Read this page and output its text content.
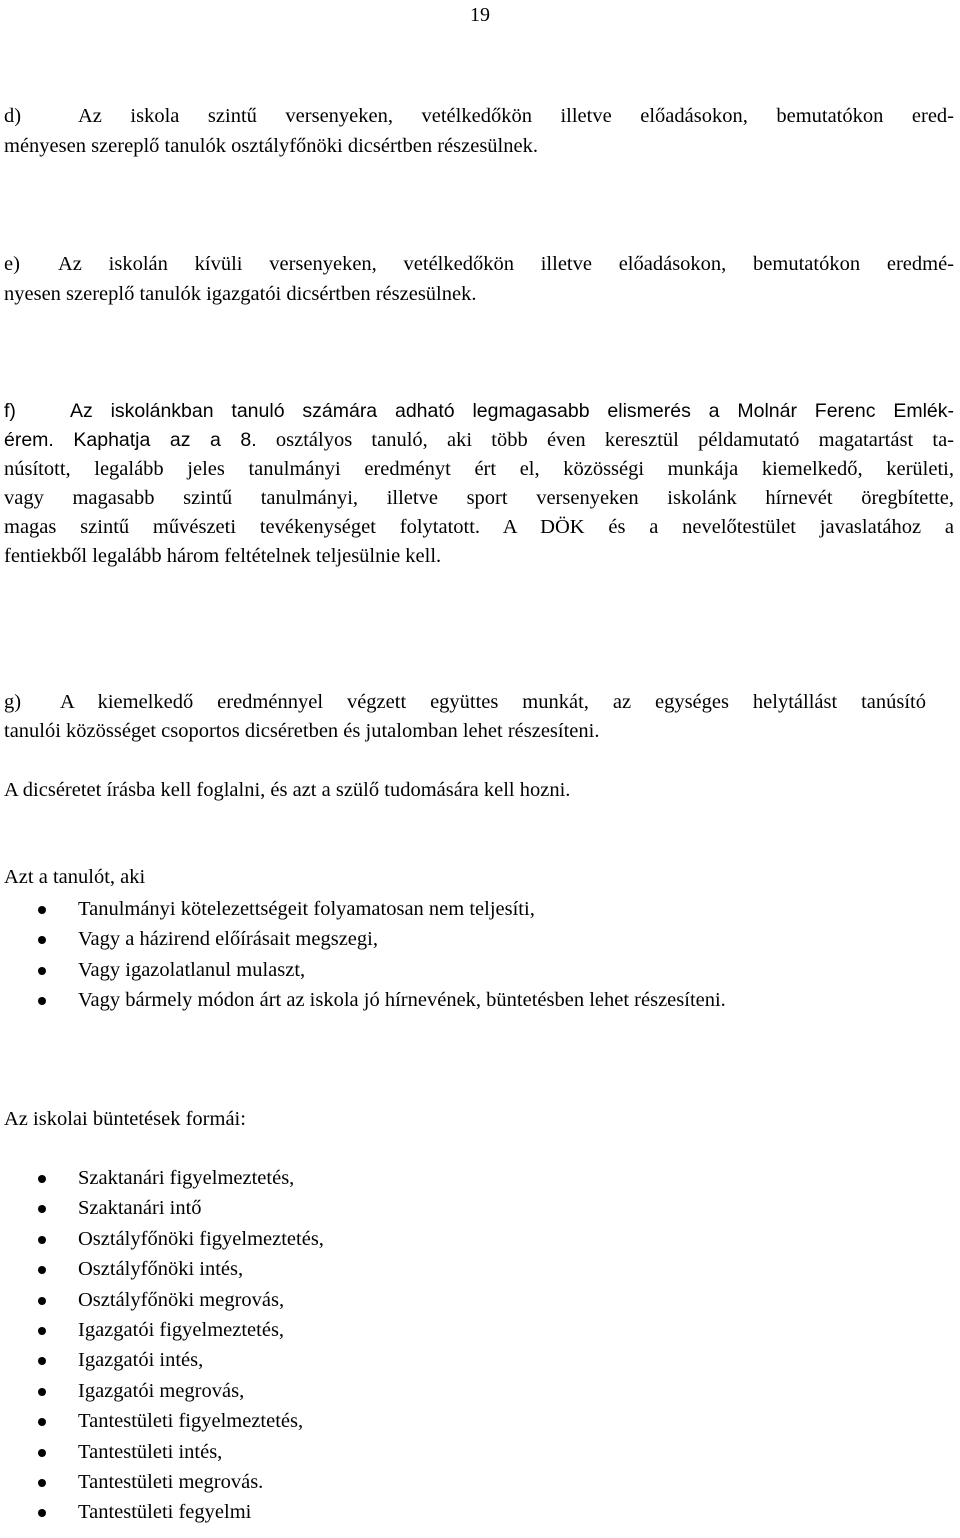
19
d)	Az iskola szintű versenyeken, vetélkedőkön illetve előadásokon, bemutatókon ered-
ményesen szereplő tanulók osztályfőnöki dicsértben részesülnek.
e) Az iskolán kívüli versenyeken, vetélkedőkön illetve előadásokon, bemutatókon eredmé-
nyesen szereplő tanulók igazgatói dicsértben részesülnek.
f)	Az iskolánkban tanuló számára adható legmagasabb elismerés a Molnár Ferenc Emlék-
érem. Kaphatja az a 8. osztályos tanuló, aki több éven keresztül példamutató magatartást ta-
núsított, legalább jeles tanulmányi eredményt ért el, közösségi munkája kiemelkedő, kerületi,
vagy magasabb szintű tanulmányi, illetve sport versenyeken iskolánk hírnevét öregbítette,
magas szintű művészeti tevékenységet folytatott. A DÖK és a nevelőtestület javaslatához a
fentiekből legalább három feltételnek teljesülnie kell.
g) A kiemelkedő eredménnyel végzett együttes munkát, az egységes helytállást tanúsító
tanulói közösséget csoportos dicséretben és jutalomban lehet részesíteni.
A dicséretet írásba kell foglalni, és azt a szülő tudomására kell hozni.
Azt a tanulót, aki
Tanulmányi kötelezettségeit folyamatosan nem teljesíti,
Vagy a házirend előírásait megszegi,
Vagy igazolatlanul mulaszt,
Vagy bármely módon árt az iskola jó hírnevének, büntetésben lehet részesíteni.
Az iskolai büntetések formái:
Szaktanári figyelmeztetés,
Szaktanári intő
Osztályfőnöki figyelmeztetés,
Osztályfőnöki intés,
Osztályfőnöki megrovás,
Igazgatói figyelmeztetés,
Igazgatói intés,
Igazgatói megrovás,
Tantestületi figyelmeztetés,
Tantestületi intés,
Tantestületi megrovás.
Tantestületi fegyelmi
